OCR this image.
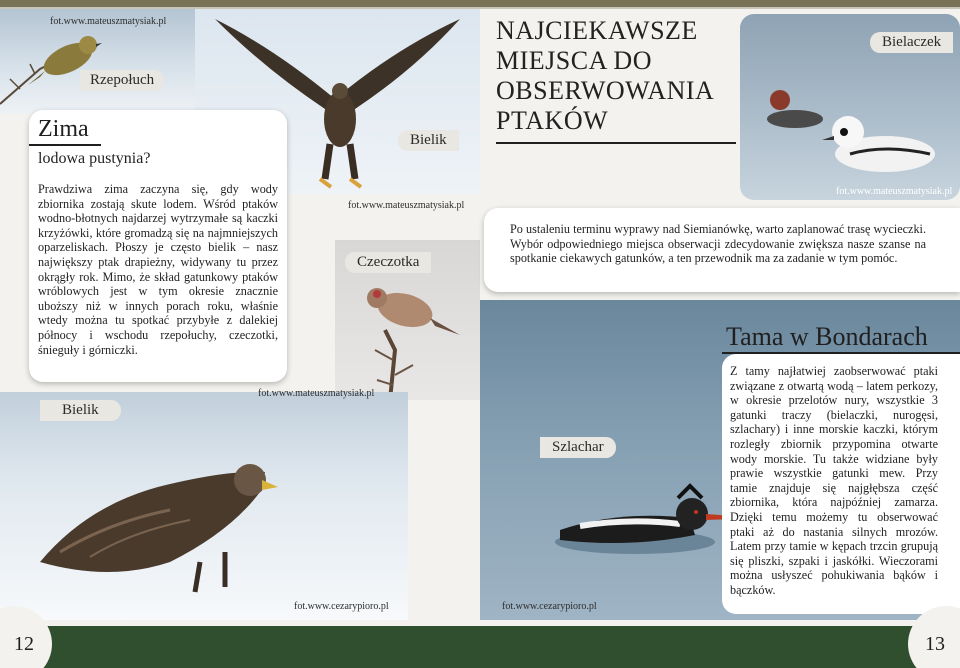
fot.www.mateuszmatysiak.pl
Rzepołuch
Bielik
fot.www.mateuszmatysiak.pl
Czeczotka
Bielik
fot.www.mateuszmatysiak.pl
fot.www.cezarypioro.pl
Zima
lodowa pustynia?
Prawdziwa zima zaczyna się, gdy wody zbiornika zostają skute lodem. Wśród ptaków wodno-błotnych najdarzej wytrzymałe są kaczki krzyżówki, które gromadzą się na najmniejszych oparzeliskach. Płoszy je często bielik – nasz największy ptak drapieżny, widywany tu przez okrągły rok. Mimo, że skład gatunkowy ptaków wróblowych jest w tym okresie znacznie uboższy niż w innych porach roku, właśnie wtedy można tu spotkać przybyłe z dalekiej północy i wschodu rzepołuchy, czeczotki, śnieguły i górniczki.
NAJCIEKAWSZE MIEJSCA DO OBSERWOWANIA PTAKÓW
Bielaczek
fot.www.mateuszmatysiak.pl
Po ustaleniu terminu wyprawy nad Siemianówkę, warto zaplanować trasę wycieczki. Wybór odpowiedniego miejsca obserwacji zdecydowanie zwiększa nasze szanse na spotkanie ciekawych gatunków, a ten przewodnik ma za zadanie w tym pomóc.
Szlachar
fot.www.cezarypioro.pl
Tama w Bondarach
Z tamy najłatwiej zaobserwować ptaki związane z otwartą wodą – latem perkozy, w okresie przelotów nury, wszystkie 3 gatunki traczy (bielaczki, nurogęsi, szlachary) i inne morskie kaczki, którym rozległy zbiornik przypomina otwarte wody morskie. Tu także widziane były prawie wszystkie gatunki mew. Przy tamie znajduje się najgłębsza część zbiornika, która najpóźniej zamarza. Dzięki temu możemy tu obserwować ptaki aż do nastania silnych mrozów. Latem przy tamie w kępach trzcin grupują się pliszki, szpaki i jaskółki. Wieczorami można usłyszeć pohukiwania bąków i bączków.
12	13
